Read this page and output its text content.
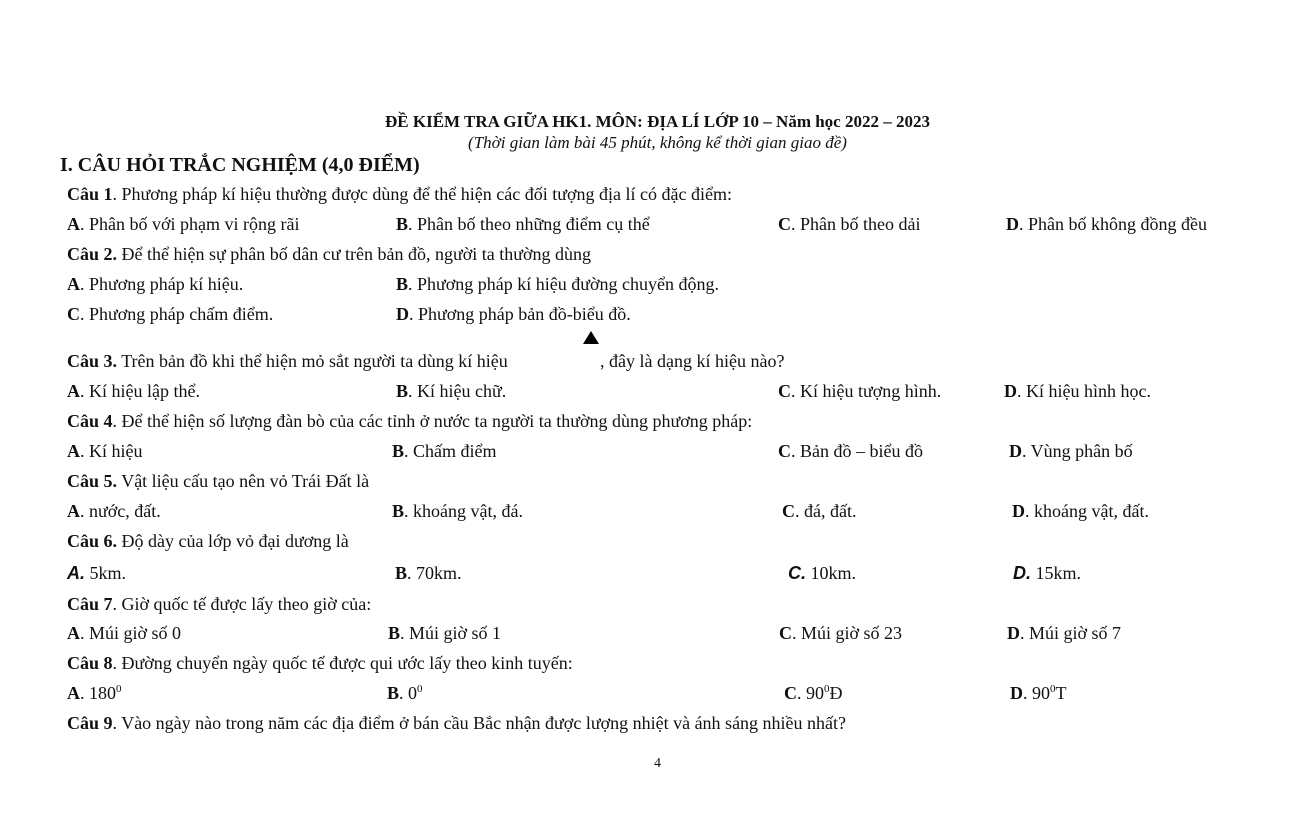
ĐỀ KIỂM TRA GIỮA HK1. MÔN: ĐỊA LÍ LỚP 10 – Năm học 2022 – 2023
(Thời gian làm bài 45 phút, không kể thời gian giao đề)
I. CÂU HỎI TRẮC NGHIỆM (4,0 ĐIỂM)
Câu 1. Phương pháp kí hiệu thường được dùng để thể hiện các đối tượng địa lí có đặc điểm:
A. Phân bố với phạm vi rộng rãi	B. Phân bố theo những điểm cụ thể	C. Phân bố theo dải	D. Phân bố không đồng đều
Câu 2. Để thể hiện sự phân bố dân cư trên bản đồ, người ta thường dùng
A. Phương pháp kí hiệu.	B. Phương pháp kí hiệu đường chuyển động.
C. Phương pháp chấm điểm.	D. Phương pháp bản đồ-biểu đồ.
Câu 3. Trên bản đồ khi thể hiện mỏ sắt người ta dùng kí hiệu	, đây là dạng kí hiệu nào?
A. Kí hiệu lập thể.	B. Kí hiệu chữ.	C. Kí hiệu tượng hình.	D. Kí hiệu hình học.
Câu 4. Để thể hiện số lượng đàn bò của các tỉnh ở nước ta người ta thường dùng phương pháp:
A. Kí hiệu	B. Chấm điểm	C. Bản đồ – biểu đồ	D. Vùng phân bố
Câu 5. Vật liệu cấu tạo nên vỏ Trái Đất là
A. nước, đất.	B. khoáng vật, đá.	C. đá, đất.	D. khoáng vật, đất.
Câu 6. Độ dày của lớp vỏ đại dương là
A. 5km.	B. 70km.	C. 10km.	D. 15km.
Câu 7. Giờ quốc tế được lấy theo giờ của:
A. Múi giờ số 0	B. Múi giờ số 1	C. Múi giờ số 23	D. Múi giờ số 7
Câu 8. Đường chuyển ngày quốc tế được qui ước lấy theo kinh tuyến:
A. $180^0$	B. $0^0$	C. $90^0Đ$	D. $90^0T$
Câu 9. Vào ngày nào trong năm các địa điểm ở bán cầu Bắc nhận được lượng nhiệt và ánh sáng nhiều nhất?
4
